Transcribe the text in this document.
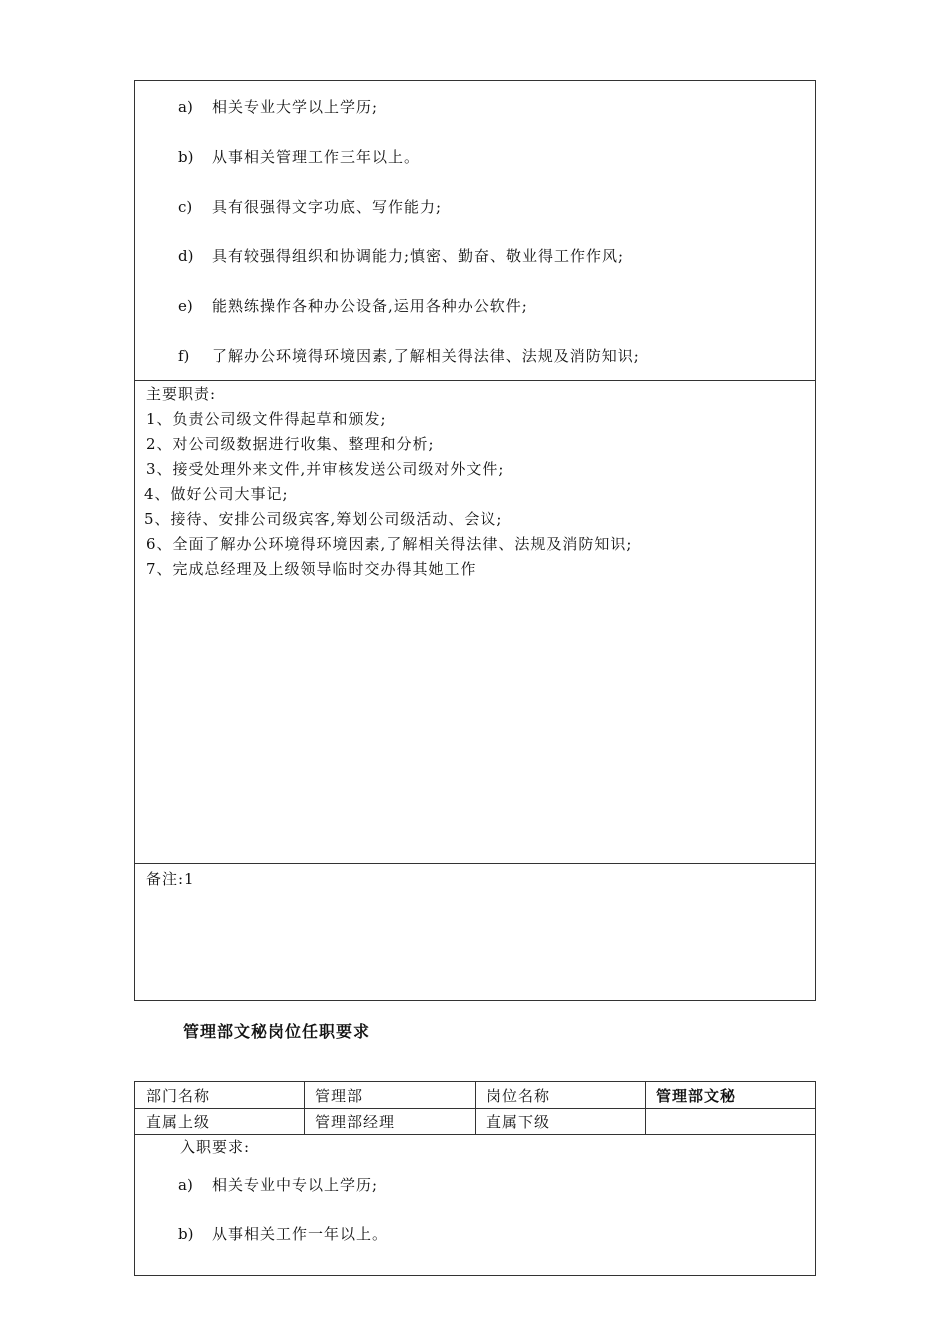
a) 相关专业大学以上学历;
b) 从事相关管理工作三年以上。
c) 具有很强得文字功底、写作能力;
d) 具有较强得组织和协调能力;慎密、勤奋、敬业得工作作风;
e) 能熟练操作各种办公设备,运用各种办公软件;
f) 了解办公环境得环境因素,了解相关得法律、法规及消防知识;
主要职责:
1、负责公司级文件得起草和颁发;
2、对公司级数据进行收集、整理和分析;
3、接受处理外来文件,并审核发送公司级对外文件;
4、做好公司大事记;
5、接待、安排公司级宾客,筹划公司级活动、会议;
6、全面了解办公环境得环境因素,了解相关得法律、法规及消防知识;
7、完成总经理及上级领导临时交办得其她工作
备注:1
管理部文秘岗位任职要求
部门名称	管理部	岗位名称	管理部文秘
直属上级	管理部经理	直属下级
入职要求:
a) 相关专业中专以上学历;
b) 从事相关工作一年以上。
